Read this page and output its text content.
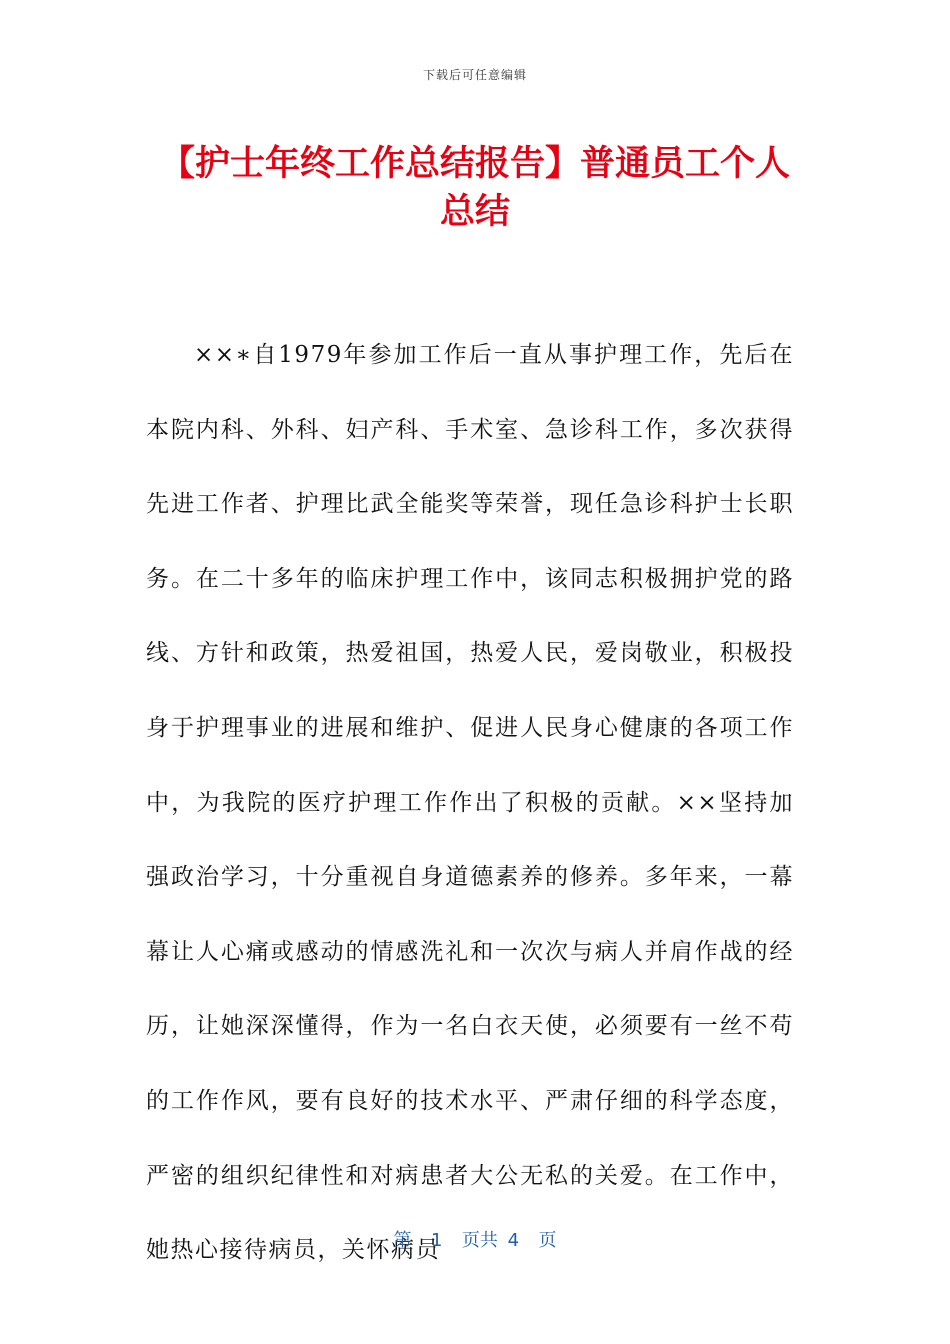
下载后可任意编辑
【护士年终工作总结报告】普通员工个人总结

××∗自1979年参加工作后一直从事护理工作，先后在本院内科、外科、妇产科、手术室、急诊科工作，多次获得先进工作者、护理比武全能奖等荣誉，现任急诊科护士长职务。在二十多年的临床护理工作中，该同志积极拥护党的路线、方针和政策，热爱祖国，热爱人民，爱岗敬业，积极投身于护理事业的进展和维护、促进人民身心健康的各项工作中，为我院的医疗护理工作作出了积极的贡献。××坚持加强政治学习，十分重视自身道德素养的修养。多年来，一幕幕让人心痛或感动的情感洗礼和一次次与病人并肩作战的经历，让她深深懂得，作为一名白衣天使，必须要有一丝不苟的工作作风，要有良好的技术水平、严肃仔细的科学态度，严密的组织纪律性和对病患者大公无私的关爱。在工作中，她热心接待病员，关怀病员

第  1  页共 4  页
